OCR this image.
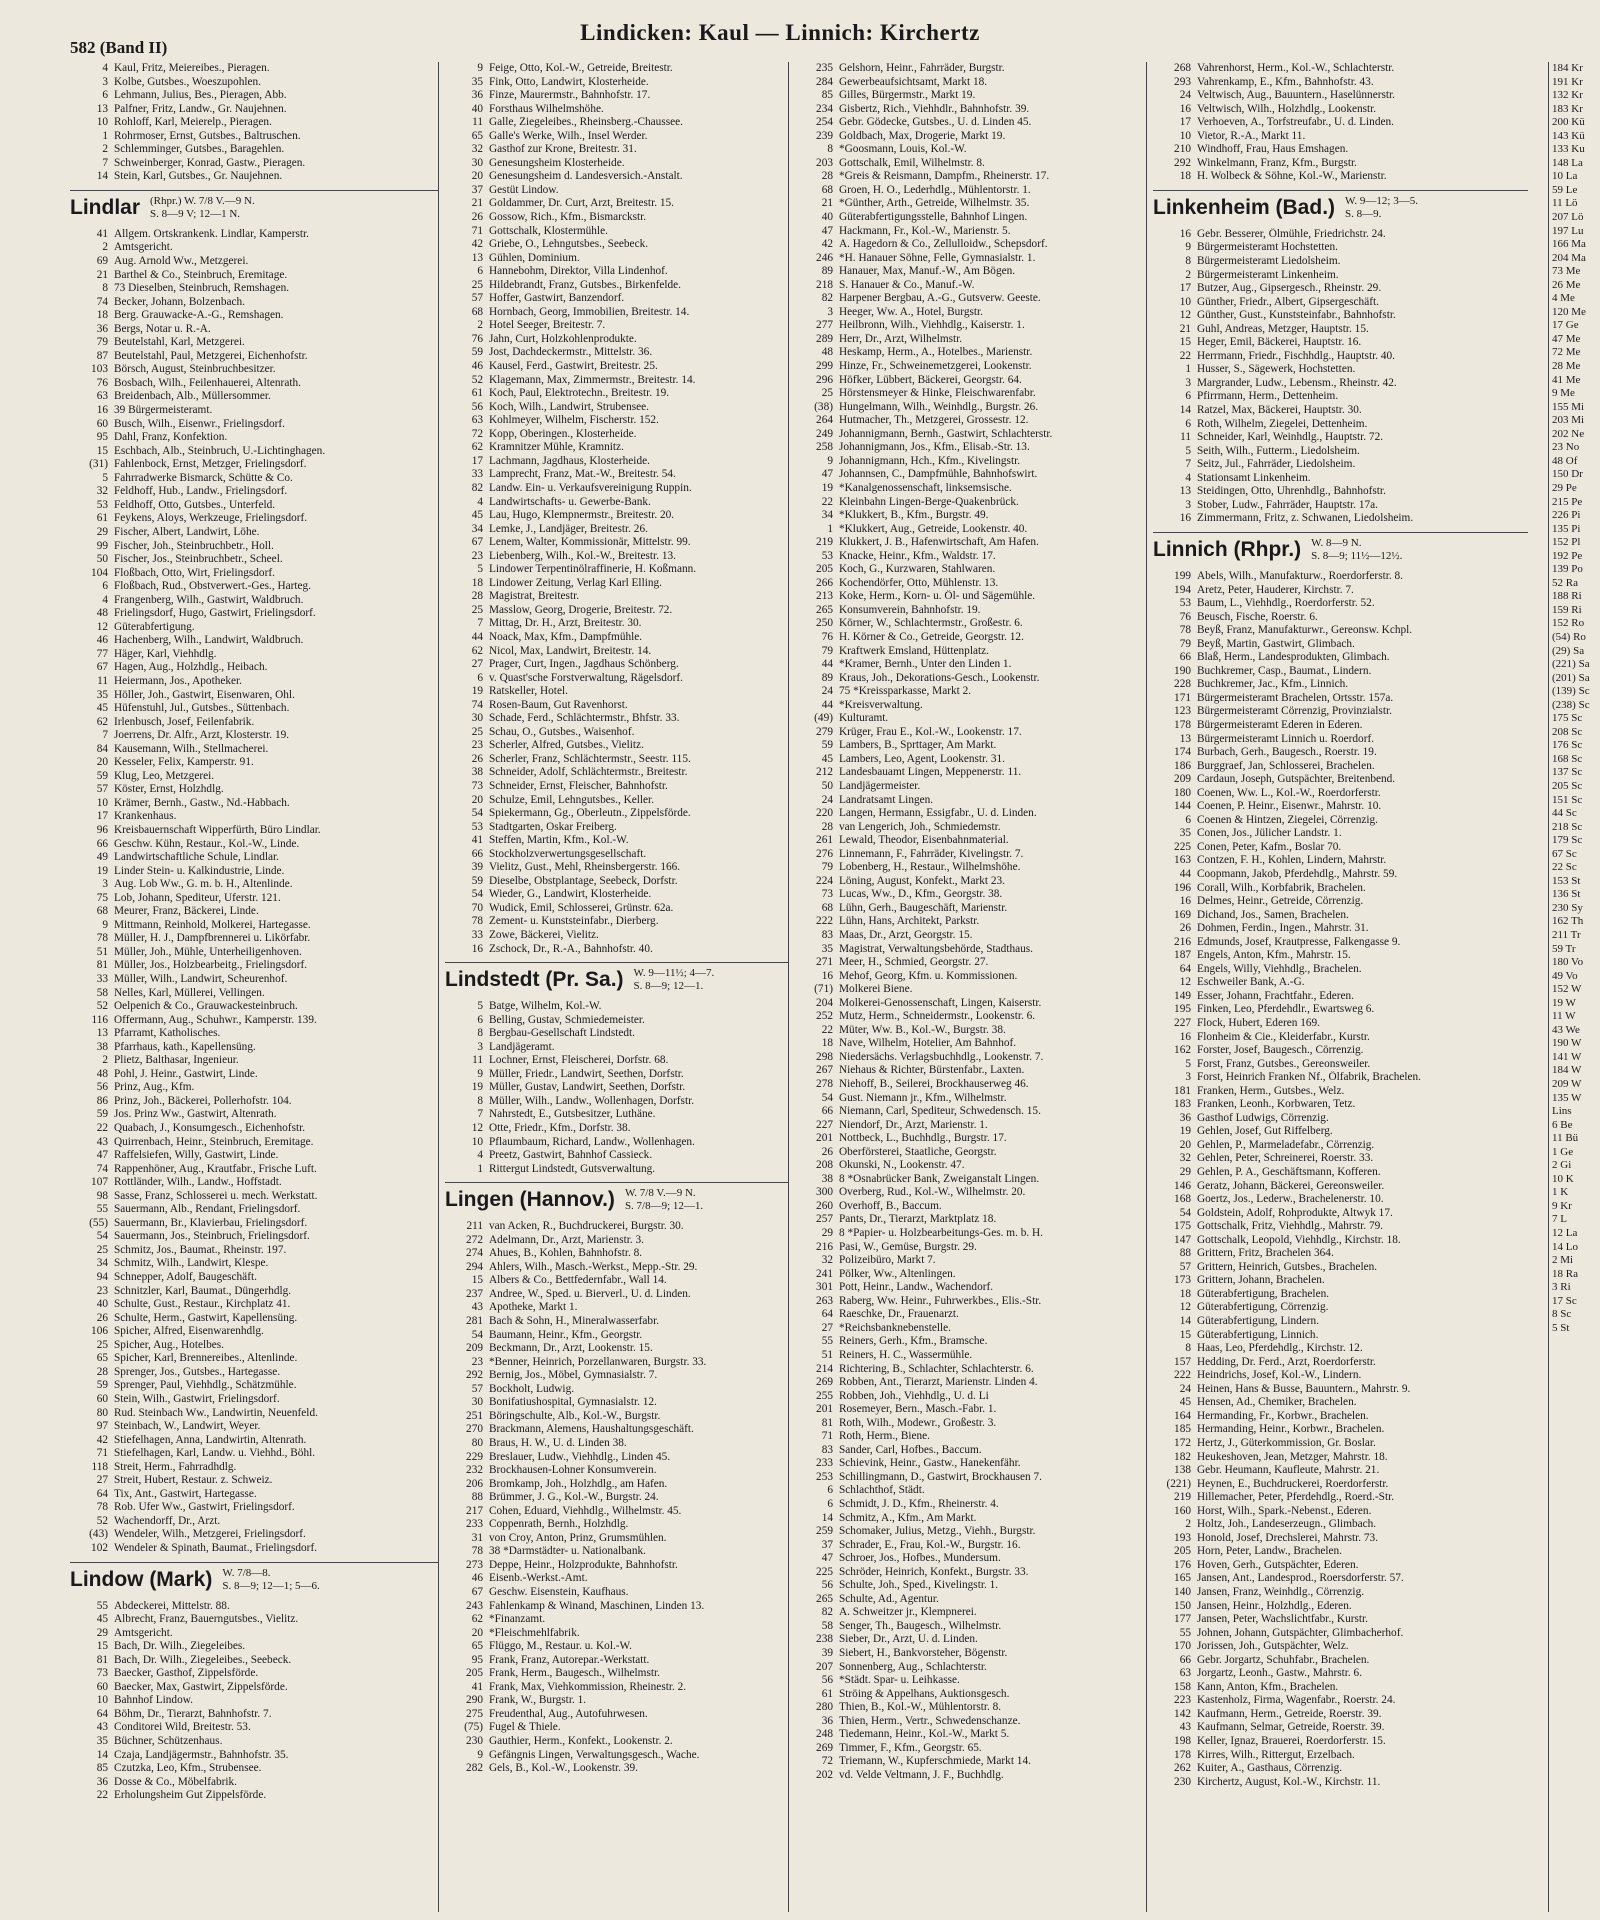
582 (Band II)
Lindicken: Kaul — Linnich: Kirchertz
4 Kaul, Fritz, Meiereibes., Pieragen.
3 Kolbe, Gutsbes., Woeszupohlen.
6 Lehmann, Julius, Bes., Pieragen, Abb.
13 Palfner, Fritz, Landw., Gr. Naujehnen.
10 Rohloff, Karl, Meierelp., Pieragen.
1 Rohrmoser, Ernst, Gutsbes., Baltruschen.
2 Schlemminger, Gutsbes., Baragehlen.
7 Schweinberger, Konrad, Gastw., Pieragen.
14 Stein, Karl, Gutsbes., Gr. Naujehnen.
Lindlar (Rhpr.) W. 7/8 V.—9 N.
S. 8—9 V; 12—1 N.
41 Allgem. Ortskrankenk. Lindlar, Kamperstr.
2 Amtsgericht.
69 Aug. Arnold Ww., Metzgerei.
21 Barthel & Co., Steinbruch, Eremitage.
8 73 Dieselben, Steinbruch, Remshagen.
74 Becker, Johann, Bolzenbach.
18 Berg. Grauwacke-A.-G., Remshagen.
36 Bergs, Notar u. R.-A.
79 Beutelstahl, Karl, Metzgerei.
87 Beutelstahl, Paul, Metzgerei, Eichenhofstr.
103 Börsch, August, Steinbruchbesitzer.
76 Bosbach, Wilh., Feilenhauerei, Altenrath.
63 Breidenbach, Alb., Müllersommer.
16 39 Bürgermeisteramt.
60 Busch, Wilh., Eisenwr., Frielingsdorf.
95 Dahl, Franz, Konfektion.
15 Eschbach, Alb., Steinbruch, U.-Lichtinghagen.
(31) Fahlenbock, Ernst, Metzger, Frielingsdorf.
5 Fahrradwerke Bismarck, Schütte & Co.
32 Feldhoff, Hub., Landw., Frielingsdorf.
53 Feldhoff, Otto, Gutsbes., Unterfeld.
61 Feykens, Aloys, Werkzeuge, Frielingsdorf.
29 Fischer, Albert, Landwirt, Löhe.
99 Fischer, Joh., Steinbruchbetr., Holl.
50 Fischer, Jos., Steinbruchbetr., Scheel.
104 Floßbach, Otto, Wirt, Frielingsdorf.
6 Floßbach, Rud., Obstverwert.-Ges., Harteg.
4 Frangenberg, Wilh., Gastwirt, Waldbruch.
48 Frielingsdorf, Hugo, Gastwirt, Frielingsdorf.
12 Güterabfertigung.
46 Hachenberg, Wilh., Landwirt, Waldbruch.
77 Häger, Karl, Viehhdlg.
67 Hagen, Aug., Holzhdlg., Heibach.
11 Heiermann, Jos., Apotheker.
35 Höller, Joh., Gastwirt, Eisenwaren, Ohl.
45 Hüfenstuhl, Jul., Gutsbes., Süttenbach.
62 Irlenbusch, Josef, Feilenfabrik.
7 Joerrens, Dr. Alfr., Arzt, Klosterstr. 19.
84 Kausemann, Wilh., Stellmacherei.
20 Kesseler, Felix, Kamperstr. 91.
59 Klug, Leo, Metzgerei.
57 Köster, Ernst, Holzhdlg.
10 Krämer, Bernh., Gastw., Nd.-Habbach.
17 Krankenhaus.
96 Kreisbauernschaft Wipperfürth, Büro Lindlar.
66 Geschw. Kühn, Restaur., Kol.-W., Linde.
49 Landwirtschaftliche Schule, Lindlar.
19 Linder Stein- u. Kalkindustrie, Linde.
3 Aug. Lob Ww., G. m. b. H., Altenlinde.
75 Lob, Johann, Spediteur, Uferstr. 121.
68 Meurer, Franz, Bäckerei, Linde.
9 Mittmann, Reinhold, Molkerei, Hartegasse.
78 Müller, H. J., Dampfbrennerei u. Likörfabr.
51 Müller, Joh., Mühle, Unterheiligenhoven.
81 Müller, Jos., Holzbearbeitg., Frielingsdorf.
33 Müller, Wilh., Landwirt, Scheurenhof.
58 Nelles, Karl, Müllerei, Vellingen.
52 Oelpenich & Co., Grauwackesteinbruch.
116 Offermann, Aug., Schuhwr., Kamperstr. 139.
13 Pfarramt, Katholisches.
38 Pfarrhaus, kath., Kapellensüng.
2 Plietz, Balthasar, Ingenieur.
48 Pohl, J. Heinr., Gastwirt, Linde.
56 Prinz, Aug., Kfm.
86 Prinz, Joh., Bäckerei, Pollerhofstr. 104.
59 Jos. Prinz Ww., Gastwirt, Altenrath.
22 Quabach, J., Konsumgesch., Eichenhofstr.
43 Quirrenbach, Heinr., Steinbruch, Eremitage.
47 Raffelsiefen, Willy, Gastwirt, Linde.
74 Rappenhöner, Aug., Krautfabr., Frische Luft.
107 Rottländer, Wilh., Landw., Hoffstadt.
98 Sasse, Franz, Schlosserei u. mech. Werkstatt.
55 Sauermann, Alb., Rendant, Frielingsdorf.
(55) Sauermann, Br., Klavierbau, Frielingsdorf.
54 Sauermann, Jos., Steinbruch, Frielingsdorf.
25 Schmitz, Jos., Baumat., Rheinstr. 197.
34 Schmitz, Wilh., Landwirt, Klespe.
94 Schnepper, Adolf, Baugeschäft.
23 Schnitzler, Karl, Baumat., Düngerhdlg.
40 Schulte, Gust., Restaur., Kirchplatz 41.
26 Schulte, Herm., Gastwirt, Kapellensüng.
106 Spicher, Alfred, Eisenwarenhdlg.
25 Spicher, Aug., Hotelbes.
65 Spicher, Karl, Brennereibes., Altenlinde.
28 Sprenger, Jos., Gutsbes., Hartegasse.
59 Sprenger, Paul, Viehhdlg., Schätzmühle.
60 Stein, Wilh., Gastwirt, Frielingsdorf.
80 Rud. Steinbach Ww., Landwirtin, Neuenfeld.
97 Steinbach, W., Landwirt, Weyer.
42 Stiefelhagen, Anna, Landwirtin, Altenrath.
71 Stiefelhagen, Karl, Landw. u. Viehhd., Böhl.
118 Streit, Herm., Fahrradhdlg.
27 Streit, Hubert, Restaur. z. Schweiz.
64 Tix, Ant., Gastwirt, Hartegasse.
78 Rob. Ufer Ww., Gastwirt, Frielingsdorf.
52 Wachendorff, Dr., Arzt.
(43) Wendeler, Wilh., Metzgerei, Frielingsdorf.
102 Wendeler & Spinath, Baumat., Frielingsdorf.
Lindow (Mark) W. 7/8—8.
S. 8—9; 12—1; 5—6.
55 Abdeckerei, Mittelstr. 88.
45 Albrecht, Franz, Bauerngutsbes., Vielitz.
29 Amtsgericht.
15 Bach, Dr. Wilh., Ziegeleibes.
81 Bach, Dr. Wilh., Ziegeleibes., Seebeck.
73 Baecker, Gasthof, Zippelsförde.
60 Baecker, Max, Gastwirt, Zippelsförde.
10 Bahnhof Lindow.
64 Böhm, Dr., Tierarzt, Bahnhofstr. 7.
43 Conditorei Wild, Breitestr. 53.
35 Büchner, Schützenhaus.
14 Czaja, Landjägermstr., Bahnhofstr. 35.
85 Czutzka, Leo, Kfm., Strubensee.
36 Dosse & Co., Möbelfabrik.
22 Erholungsheim Gut Zippelsförde.
9 Feige, Otto, Kol.-W., Getreide, Breitestr.
35 Fink, Otto, Landwirt, Klosterheide.
36 Finze, Maurermstr., Bahnhofstr. 17.
40 Forsthaus Wilhelmshöhe.
11 Galle, Ziegeleibes., Rheinsberg.-Chaussee.
65 Galle's Werke, Wilh., Insel Werder.
32 Gasthof zur Krone, Breitestr. 31.
30 Genesungsheim Klosterheide.
20 Genesungsheim d. Landesversich.-Anstalt.
37 Gestüt Lindow.
21 Goldammer, Dr. Curt, Arzt, Breitestr. 15.
26 Gossow, Rich., Kfm., Bismarckstr.
71 Gottschalk, Klostermühle.
42 Griebe, O., Lehngutsbes., Seebeck.
13 Gühlen, Dominium.
6 Hannebohm, Direktor, Villa Lindenhof.
25 Hildebrandt, Franz, Gutsbes., Birkenfelde.
57 Hoffer, Gastwirt, Banzendorf.
68 Hornbach, Georg, Immobilien, Breitestr. 14.
2 Hotel Seeger, Breitestr. 7.
76 Jahn, Curt, Holzkohlenprodukte.
59 Jost, Dachdeckermstr., Mittelstr. 36.
46 Kausel, Ferd., Gastwirt, Breitestr. 25.
52 Klagemann, Max, Zimmermstr., Breitestr. 14.
61 Koch, Paul, Elektrotechn., Breitestr. 19.
56 Koch, Wilh., Landwirt, Strubensee.
63 Kohlmeyer, Wilhelm, Fischerstr. 152.
72 Kopp, Oberingen., Klosterheide.
62 Kramnitzer Mühle, Kramnitz.
17 Lachmann, Jagdhaus, Klosterheide.
33 Lamprecht, Franz, Mat.-W., Breitestr. 54.
82 Landw. Ein- u. Verkaufsvereinigung Ruppin.
4 Landwirtschafts- u. Gewerbe-Bank.
45 Lau, Hugo, Klempnermstr., Breitestr. 20.
34 Lemke, J., Landjäger, Breitestr. 26.
67 Lenem, Walter, Kommissionär, Mittelstr. 99.
23 Liebenberg, Wilh., Kol.-W., Breitestr. 13.
5 Lindower Terpentinölraffinerie, H. Koßmann.
18 Lindower Zeitung, Verlag Karl Elling.
28 Magistrat, Breitestr.
25 Masslow, Georg, Drogerie, Breitestr. 72.
7 Mittag, Dr. H., Arzt, Breitestr. 30.
44 Noack, Max, Kfm., Dampfmühle.
62 Nicol, Max, Landwirt, Breitestr. 14.
27 Prager, Curt, Ingen., Jagdhaus Schönberg.
6 v. Quast'sche Forstverwaltung, Rägelsdorf.
19 Ratskeller, Hotel.
74 Rosen-Baum, Gut Ravenhorst.
30 Schade, Ferd., Schlächtermstr., Bhfstr. 33.
25 Schau, O., Gutsbes., Waisenhof.
23 Scherler, Alfred, Gutsbes., Vielitz.
26 Scherler, Franz, Schlächtermstr., Seestr. 115.
38 Schneider, Adolf, Schlächtermstr., Breitestr.
73 Schneider, Ernst, Fleischer, Bahnhofstr.
20 Schulze, Emil, Lehngutsbes., Keller.
54 Spiekermann, Gg., Oberleutn., Zippelsförde.
53 Stadtgarten, Oskar Freiberg.
41 Steffen, Martin, Kfm., Kol.-W.
66 Stockholzverwertungsgesellschaft.
39 Vielitz, Gust., Mehl, Rheinsbergerstr. 166.
59 Dieselbe, Obstplantage, Seebeck, Dorfstr.
54 Wieder, G., Landwirt, Klosterheide.
70 Wudick, Emil, Schlosserei, Grünstr. 62a.
78 Zement- u. Kunststeinfabr., Dierberg.
33 Zowe, Bäckerei, Vielitz.
16 Zschock, Dr., R.-A., Bahnhofstr. 40.
Lindstedt (Pr. Sa.) W. 9—11½; 4—7.
S. 8—9; 12—1.
5 Batge, Wilhelm, Kol.-W.
6 Belling, Gustav, Schmiedemeister.
8 Bergbau-Gesellschaft Lindstedt.
3 Landjägeramt.
11 Lochner, Ernst, Fleischerei, Dorfstr. 68.
9 Müller, Friedr., Landwirt, Seethen, Dorfstr.
19 Müller, Gustav, Landwirt, Seethen, Dorfstr.
8 Müller, Wilh., Landw., Wollenhagen, Dorfstr.
7 Nahrstedt, E., Gutsbesitzer, Luthäne.
12 Otte, Friedr., Kfm., Dorfstr. 38.
10 Pflaumbaum, Richard, Landw., Wollenhagen.
4 Preetz, Gastwirt, Bahnhof Cassieck.
1 Rittergut Lindstedt, Gutsverwaltung.
Lingen (Hannov.) W. 7/8 V.—9 N.
S. 7/8—9; 12—1.
211 van Acken, R., Buchdruckerei, Burgstr. 30.
272 Adelmann, Dr., Arzt, Marienstr. 3.
274 Ahues, B., Kohlen, Bahnhofstr. 8.
294 Ahlers, Wilh., Masch.-Werkst., Mepp.-Str. 29.
15 Albers & Co., Bettfedernfabr., Wall 14.
237 Andree, W., Sped. u. Bierverl., U. d. Linden.
43 Apotheke, Markt 1.
281 Bach & Sohn, H., Mineralwasserfabr.
54 Baumann, Heinr., Kfm., Georgstr.
209 Beckmann, Dr., Arzt, Lookenstr. 15.
23 *Benner, Heinrich, Porzellanwaren, Burgstr. 33.
292 Bernig, Jos., Möbel, Gymnasialstr. 7.
57 Bockholt, Ludwig.
30 Bonifatiushospital, Gymnasialstr. 12.
251 Böringschulte, Alb., Kol.-W., Burgstr.
270 Brackmann, Alemens, Haushaltungsgeschäft.
80 Braus, H. W., U. d. Linden 38.
229 Breslauer, Ludw., Viehhdlg., Linden 45.
232 Brockhausen-Lohner Konsumverein.
206 Bromkamp, Joh., Holzhdlg., am Hafen.
88 Brümmer, J. G., Kol.-W., Burgstr. 24.
217 Cohen, Eduard, Viehhdlg., Wilhelmstr. 45.
233 Coppenrath, Bernh., Holzhdlg.
31 von Croy, Anton, Prinz, Grumsmühlen.
78 38 *Darmstädter- u. Nationalbank.
273 Deppe, Heinr., Holzprodukte, Bahnhofstr.
46 Eisenb.-Werkst.-Amt.
67 Geschw. Eisenstein, Kaufhaus.
243 Fahlenkamp & Winand, Maschinen, Linden 13.
62 *Finanzamt.
20 *Fleischmehlfabrik.
65 Flüggo, M., Restaur. u. Kol.-W.
95 Frank, Franz, Autorepar.-Werkstatt.
205 Frank, Herm., Baugesch., Wilhelmstr.
41 Frank, Max, Viehkommission, Rheinestr. 2.
290 Frank, W., Burgstr. 1.
275 Freudenthal, Aug., Autofuhrwesen.
(75) Fugel & Thiele.
230 Gauthier, Herm., Konfekt., Lookenstr. 2.
9 Gefängnis Lingen, Verwaltungsgesch., Wache.
282 Gels, B., Kol.-W., Lookenstr. 39.
235 Gelshorn, Heinr., Fahrräder, Burgstr.
284 Gewerbeaufsichtsamt, Markt 18.
85 Gilles, Bürgermstr., Markt 19.
234 Gisbertz, Rich., Viehhdlr., Bahnhofstr. 39.
254 Gebr. Gödecke, Gutsbes., U. d. Linden 45.
239 Goldbach, Max, Drogerie, Markt 19.
8 *Goosmann, Louis, Kol.-W.
203 Gottschalk, Emil, Wilhelmstr. 8.
28 *Greis & Reismann, Dampfm., Rheinerstr. 17.
68 Groen, H. O., Lederhdlg., Mühlentorstr. 1.
21 *Günther, Arth., Getreide, Wilhelmstr. 35.
40 Güterabfertigungsstelle, Bahnhof Lingen.
47 Hackmann, Fr., Kol.-W., Marienstr. 5.
42 A. Hagedorn & Co., Zellulloidw., Schepsdorf.
246 *H. Hanauer Söhne, Felle, Gymnasialstr. 1.
89 Hanauer, Max, Manuf.-W., Am Bögen.
218 S. Hanauer & Co., Manuf.-W.
82 Harpener Bergbau, A.-G., Gutsverw. Geeste.
3 Heeger, Ww. A., Hotel, Burgstr.
277 Heilbronn, Wilh., Viehhdlg., Kaiserstr. 1.
289 Herr, Dr., Arzt, Wilhelmstr.
48 Heskamp, Herm., A., Hotelbes., Marienstr.
299 Hinze, Fr., Schweinemetzgerei, Lookenstr.
296 Höfker, Lübbert, Bäckerei, Georgstr. 64.
25 Hörstensmeyer & Hinke, Fleischwarenfabr.
(38) Hungelmann, Wilh., Weinhdlg., Burgstr. 26.
264 Hutmacher, Th., Metzgerei, Grossestr. 12.
249 Johannigmann, Bernh., Gastwirt, Schlachterstr.
258 Johannigmann, Jos., Kfm., Elisab.-Str. 13.
9 Johannigmann, Hch., Kfm., Kivelingstr.
47 Johannsen, C., Dampfmühle, Bahnhofswirt.
19 *Kanalgenossenschaft, linksemsische.
22 Kleinbahn Lingen-Berge-Quakenbrück.
34 *Klukkert, B., Kfm., Burgstr. 49.
1 *Klukkert, Aug., Getreide, Lookenstr. 40.
219 Klukkert, J. B., Hafenwirtschaft, Am Hafen.
53 Knacke, Heinr., Kfm., Waldstr. 17.
205 Koch, G., Kurzwaren, Stahlwaren.
266 Kochendörfer, Otto, Mühlenstr. 13.
213 Koke, Herm., Korn- u. Öl- und Sägemühle.
265 Konsumverein, Bahnhofstr. 19.
250 Körner, W., Schlachtermstr., Großestr. 6.
76 H. Körner & Co., Getreide, Georgstr. 12.
79 Kraftwerk Emsland, Hüttenplatz.
44 *Kramer, Bernh., Unter den Linden 1.
89 Kraus, Joh., Dekorations-Gesch., Lookenstr.
24 75 *Kreissparkasse, Markt 2.
44 *Kreisverwaltung.
(49) Kulturamt.
279 Krüger, Frau E., Kol.-W., Lookenstr. 17.
59 Lambers, B., Sprttager, Am Markt.
45 Lambers, Leo, Agent, Lookenstr. 31.
212 Landesbauamt Lingen, Meppenerstr. 11.
50 Landjägermeister.
24 Landratsamt Lingen.
220 Langen, Hermann, Essigfabr., U. d. Linden.
28 van Lengerich, Joh., Schmiedemstr.
261 Lewald, Theodor, Eisenbahnmaterial.
276 Linnemann, F., Fahrräder, Kivelingstr. 7.
79 Lobenberg, H., Restaur., Wilhelmshöhe.
224 Löning, August, Konfekt., Markt 23.
73 Lucas, Ww., D., Kfm., Georgstr. 38.
68 Lühn, Gerh., Baugeschäft, Marienstr.
222 Lühn, Hans, Architekt, Parkstr.
83 Maas, Dr., Arzt, Georgstr. 15.
35 Magistrat, Verwaltungsbehörde, Stadthaus.
271 Meer, H., Schmied, Georgstr. 27.
16 Mehof, Georg, Kfm. u. Kommissionen.
(71) Molkerei Biene.
204 Molkerei-Genossenschaft, Lingen, Kaiserstr.
252 Mutz, Herm., Schneidermstr., Lookenstr. 6.
22 Müter, Ww. B., Kol.-W., Burgstr. 38.
18 Nave, Wilhelm, Hotelier, Am Bahnhof.
298 Niedersächs. Verlagsbuchhdlg., Lookenstr. 7.
267 Niehaus & Richter, Bürstenfabr., Laxten.
278 Niehoff, B., Seilerei, Brockhauserweg 46.
54 Gust. Niemann jr., Kfm., Wilhelmstr.
66 Niemann, Carl, Spediteur, Schwedensch. 15.
227 Niendorf, Dr., Arzt, Marienstr. 1.
201 Nottbeck, L., Buchhdlg., Burgstr. 17.
26 Oberförsterei, Staatliche, Georgstr.
208 Okunski, N., Lookenstr. 47.
38 8 *Osnabrücker Bank, Zweiganstalt Lingen.
300 Overberg, Rud., Kol.-W., Wilhelmstr. 20.
260 Overhoff, B., Baccum.
257 Pants, Dr., Tierarzt, Marktplatz 18.
29 8 *Papier- u. Holzbearbeitungs-Ges. m. b. H.
216 Pasi, W., Gemüse, Burgstr. 29.
32 Polizeibüro, Markt 7.
241 Pölker, Ww., Altenlingen.
301 Pott, Heinr., Landw., Wachendorf.
263 Raberg, Ww. Heinr., Fuhrwerkbes., Elis.-Str.
64 Raeschke, Dr., Frauenarzt.
27 *Reichsbanknebenstelle.
55 Reiners, Gerh., Kfm., Bramsche.
51 Reiners, H. C., Wassermühle.
214 Richtering, B., Schlachter, Schlachterstr. 6.
269 Robben, Ant., Tierarzt, Marienstr. Linden 4.
255 Robben, Joh., Viehhdlg., U. d. Li
201 Rosemeyer, Bern., Masch.-Fabr. 1.
81 Roth, Wilh., Modewr., Großestr. 3.
71 Roth, Herm., Biene.
83 Sander, Carl, Hofbes., Baccum.
233 Schievink, Heinr., Gastw., Hanekenfähr.
253 Schillingmann, D., Gastwirt, Brockhausen 7.
6 Schlachthof, Städt.
6 Schmidt, J. D., Kfm., Rheinerstr. 4.
14 Schmitz, A., Kfm., Am Markt.
259 Schomaker, Julius, Metzg., Viehh., Burgstr.
37 Schrader, E., Frau, Kol.-W., Burgstr. 16.
47 Schroer, Jos., Hofbes., Mundersum.
225 Schröder, Heinrich, Konfekt., Burgstr. 33.
56 Schulte, Joh., Sped., Kivelingstr. 1.
265 Schulte, Ad., Agentur.
82 A. Schweitzer jr., Klempnerei.
58 Senger, Th., Baugesch., Wilhelmstr.
238 Sieber, Dr., Arzt, U. d. Linden.
39 Siebert, H., Bankvorsteher, Bögenstr.
207 Sonnenberg, Aug., Schlachterstr.
56 *Städt. Spar- u. Leihkasse.
61 Ströing & Appelhans, Auktionsgesch.
280 Thien, B., Kol.-W., Mühlentorstr. 8.
36 Thien, Herm., Vertr., Schwedenschanze.
248 Tiedemann, Heinr., Kol.-W., Markt 5.
269 Timmer, F., Kfm., Georgstr. 65.
72 Triemann, W., Kupferschmiede, Markt 14.
202 vd. Velde Veltmann, J. F., Buchhdlg.
268 Vahrenhorst, Herm., Kol.-W., Schlachterstr.
293 Vahrenkamp, E., Kfm., Bahnhofstr. 43.
24 Veltwisch, Aug., Bauuntern., Haselünnerstr.
16 Veltwisch, Wilh., Holzhdlg., Lookenstr.
17 Verhoeven, A., Torfstreufabr., U. d. Linden.
10 Vietor, R.-A., Markt 11.
210 Windhoff, Frau, Haus Emshagen.
292 Winkelmann, Franz, Kfm., Burgstr.
18 H. Wolbeck & Söhne, Kol.-W., Marienstr.
Linkenheim (Bad.) W. 9—12; 3—5.
S. 8—9.
16 Gebr. Besserer, Ölmühle, Friedrichstr. 24.
9 Bürgermeisteramt Hochstetten.
8 Bürgermeisteramt Liedolsheim.
2 Bürgermeisteramt Linkenheim.
17 Butzer, Aug., Gipsergesch., Rheinstr. 29.
10 Günther, Friedr., Albert, Gipsergeschäft.
12 Günther, Gust., Kunststeinfabr., Bahnhofstr.
21 Guhl, Andreas, Metzger, Hauptstr. 15.
15 Heger, Emil, Bäckerei, Hauptstr. 16.
22 Herrmann, Friedr., Fischhdlg., Hauptstr. 40.
1 Husser, S., Sägewerk, Hochstetten.
3 Margrander, Ludw., Lebensm., Rheinstr. 42.
6 Pfirrmann, Herm., Dettenheim.
14 Ratzel, Max, Bäckerei, Hauptstr. 30.
6 Roth, Wilhelm, Ziegelei, Dettenheim.
11 Schneider, Karl, Weinhdlg., Hauptstr. 72.
5 Seith, Wilh., Futterm., Liedolsheim.
7 Seitz, Jul., Fahrräder, Liedolsheim.
4 Stationsamt Linkenheim.
13 Steidingen, Otto, Uhrenhdlg., Bahnhofstr.
3 Stober, Ludw., Fahrräder, Hauptstr. 17a.
16 Zimmermann, Fritz, z. Schwanen, Liedolsheim.
Linnich (Rhpr.) W. 8—9 N.
S. 8—9; 11½—12½.
199 Abels, Wilh., Manufakturw., Roerdorferstr. 8.
194 Aretz, Peter, Hauderer, Kirchstr. 7.
53 Baum, L., Viehhdlg., Roerdorferstr. 52.
76 Beusch, Fische, Roerstr. 6.
78 Beyß, Franz, Manufakturwr., Gereonsw. Kchpl.
79 Beyß, Martin, Gastwirt, Glimbach.
66 Blaß, Herm., Landesprodukten, Glimbach.
190 Buchkremer, Casp., Baumat., Lindern.
228 Buchkremer, Jac., Kfm., Linnich.
171 Bürgermeisteramt Brachelen, Ortsstr. 157a.
123 Bürgermeisteramt Cörrenzig, Provinzialstr.
178 Bürgermeisteramt Ederen in Ederen.
13 Bürgermeisteramt Linnich u. Roerdorf.
174 Burbach, Gerh., Baugesch., Roerstr. 19.
186 Burggraef, Jan, Schlosserei, Brachelen.
209 Cardaun, Joseph, Gutspächter, Breitenbend.
180 Coenen, Ww. L., Kol.-W., Roerdorferstr.
144 Coenen, P. Heinr., Eisenwr., Mahrstr. 10.
6 Coenen & Hintzen, Ziegelei, Cörrenzig.
35 Conen, Jos., Jülicher Landstr. 1.
225 Conen, Peter, Kafm., Boslar 70.
163 Contzen, F. H., Kohlen, Lindern, Mahrstr.
44 Coopmann, Jakob, Pferdehdlg., Mahrstr. 59.
196 Corall, Wilh., Korbfabrik, Brachelen.
16 Delmes, Heinr., Getreide, Cörrenzig.
169 Dichand, Jos., Samen, Brachelen.
26 Dohmen, Ferdin., Ingen., Mahrstr. 31.
216 Edmunds, Josef, Krautpresse, Falkengasse 9.
187 Engels, Anton, Kfm., Mahrstr. 15.
64 Engels, Willy, Viehhdlg., Brachelen.
12 Eschweiler Bank, A.-G.
149 Esser, Johann, Frachtfahr., Ederen.
195 Finken, Leo, Pferdehdlr., Ewartsweg 6.
227 Flock, Hubert, Ederen 169.
16 Flonheim & Cie., Kleiderfabr., Kurstr.
162 Forster, Josef, Baugesch., Cörrenzig.
5 Forst, Franz, Gutsbes., Gereonsweiler.
3 Forst, Heinrich Franken Nf., Ölfabrik, Brachelen.
181 Franken, Herm., Gutsbes., Welz.
183 Franken, Leonh., Korbwaren, Tetz.
36 Gasthof Ludwigs, Cörrenzig.
19 Gehlen, Josef, Gut Riffelberg.
20 Gehlen, P., Marmeladefabr., Cörrenzig.
32 Gehlen, Peter, Schreinerei, Roerstr. 33.
29 Gehlen, P. A., Geschäftsmann, Kofferen.
146 Geratz, Johann, Bäckerei, Gereonsweiler.
168 Goertz, Jos., Lederw., Brachelenerstr. 10.
54 Goldstein, Adolf, Rohprodukte, Altwyk 17.
175 Gottschalk, Fritz, Viehhdlg., Mahrstr. 79.
147 Gottschalk, Leopold, Viehhdlg., Kirchstr. 18.
88 Grittern, Fritz, Brachelen 364.
57 Grittern, Heinrich, Gutsbes., Brachelen.
173 Grittern, Johann, Brachelen.
18 Güterabfertigung, Brachelen.
12 Güterabfertigung, Cörrenzig.
14 Güterabfertigung, Lindern.
15 Güterabfertigung, Linnich.
8 Haas, Leo, Pferdehdlg., Kirchstr. 12.
157 Hedding, Dr. Ferd., Arzt, Roerdorferstr.
222 Heindrichs, Josef, Kol.-W., Lindern.
24 Heinen, Hans & Busse, Bauuntern., Mahrstr. 9.
45 Hensen, Ad., Chemiker, Brachelen.
164 Hermanding, Fr., Korbwr., Brachelen.
185 Hermanding, Heinr., Korbwr., Brachelen.
172 Hertz, J., Güterkommission, Gr. Boslar.
182 Heukeshoven, Jean, Metzger, Mahrstr. 18.
138 Gebr. Heumann, Kaufleute, Mahrstr. 21.
(221) Heynen, E., Buchdruckerei, Roerdorferstr.
219 Hillemacher, Peter, Pferdehdlg., Roerd.-Str.
160 Horst, Wilh., Spark.-Nebenst., Ederen.
2 Holtz, Joh., Landeserzeugn., Glimbach.
193 Honold, Josef, Drechslerei, Mahrstr. 73.
205 Horn, Peter, Landw., Brachelen.
176 Hoven, Gerh., Gutspächter, Ederen.
165 Jansen, Ant., Landesprod., Roersdorferstr. 57.
140 Jansen, Franz, Weinhdlg., Cörrenzig.
150 Jansen, Heinr., Holzhdlg., Ederen.
177 Jansen, Peter, Wachslichtfabr., Kurstr.
55 Johnen, Johann, Gutspächter, Glimbacherhof.
170 Jorissen, Joh., Gutspächter, Welz.
66 Gebr. Jorgartz, Schuhfabr., Brachelen.
63 Jorgartz, Leonh., Gastw., Mahrstr. 6.
158 Kann, Anton, Kfm., Brachelen.
223 Kastenholz, Firma, Wagenfabr., Roerstr. 24.
142 Kaufmann, Herm., Getreide, Roerstr. 39.
43 Kaufmann, Selmar, Getreide, Roerstr. 39.
198 Keller, Ignaz, Brauerei, Roerdorferstr. 15.
178 Kirres, Wilh., Rittergut, Erzelbach.
262 Kuiter, A., Gasthaus, Cörrenzig.
230 Kirchertz, August, Kol.-W., Kirchstr. 11.
184 Kr
191 Kr
132 Kr
183 Kr
200 Kü
143 Kü
133 Ku
148 La
10 La
59 Le
11 Lö
207 Lö
197 Lu
166 Ma
204 Ma
73 Me
26 Me
4 Me
120 Me
17 Ge
47 Me
72 Me
28 Me
41 Me
9 Me
155 Mi
203 Mi
202 Ne
23 No
48 Of
150 Dr
29 Pe
215 Pe
226 Pi
135 Pi
152 Pl
192 Pe
139 Po
52 Ra
188 Ri
159 Ri
152 Ro
(54) Ro
(29) Sa
(221) Sa
(201) Sa
(139) Sc
(238) Sc
175 Sc
208 Sc
176 Sc
168 Sc
137 Sc
205 Sc
151 Sc
44 Sc
218 Sc
179 Sc
67 Sc
22 Sc
153 St
136 St
230 Sy
162 Th
211 Tr
59 Tr
180 Vo
49 Vo
152 W
19 W
11 W
43 We
190 W
141 W
184 W
209 W
135 W
Lins
6 Be
11 Bü
1 Ge
2 Gi
10 K
1 K
9 Kr
7 L
12 La
14 Lo
2 Mi
18 Ra
3 Ri
17 Sc
8 Sc
5 St
